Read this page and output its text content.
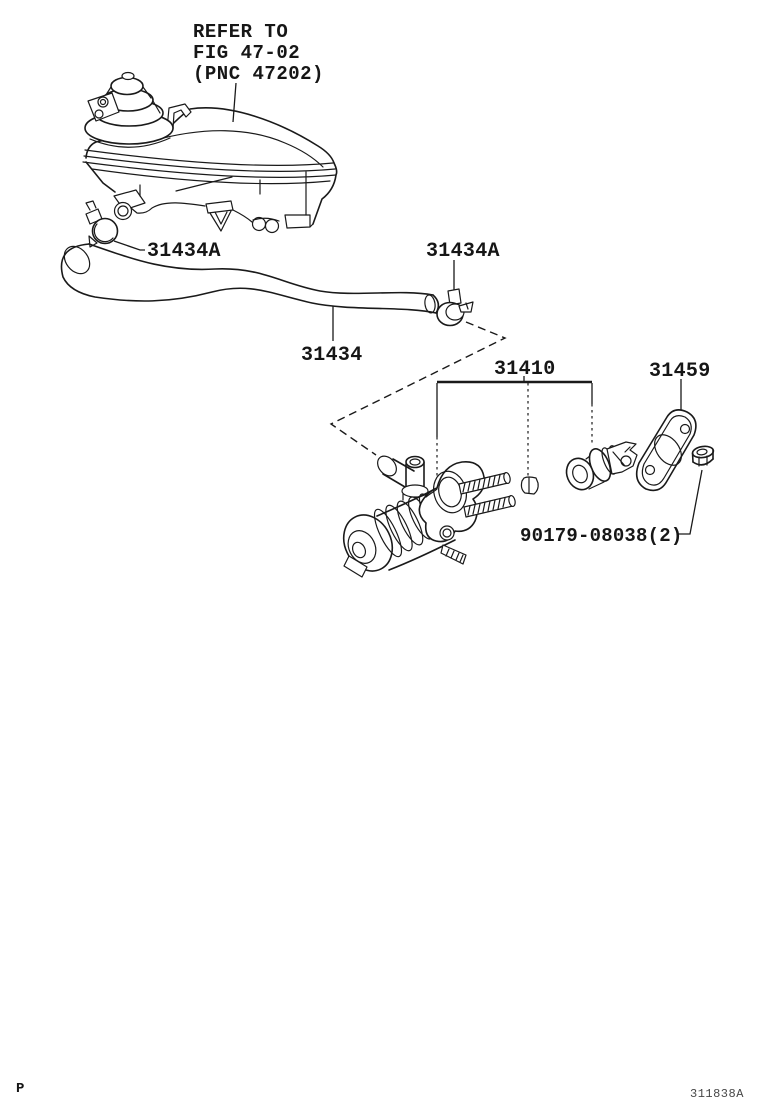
REFER TO
FIG 47-02
(PNC 47202)
31434A
31434
31434A
31410	31459
90179-08038(2)
P	311838A
